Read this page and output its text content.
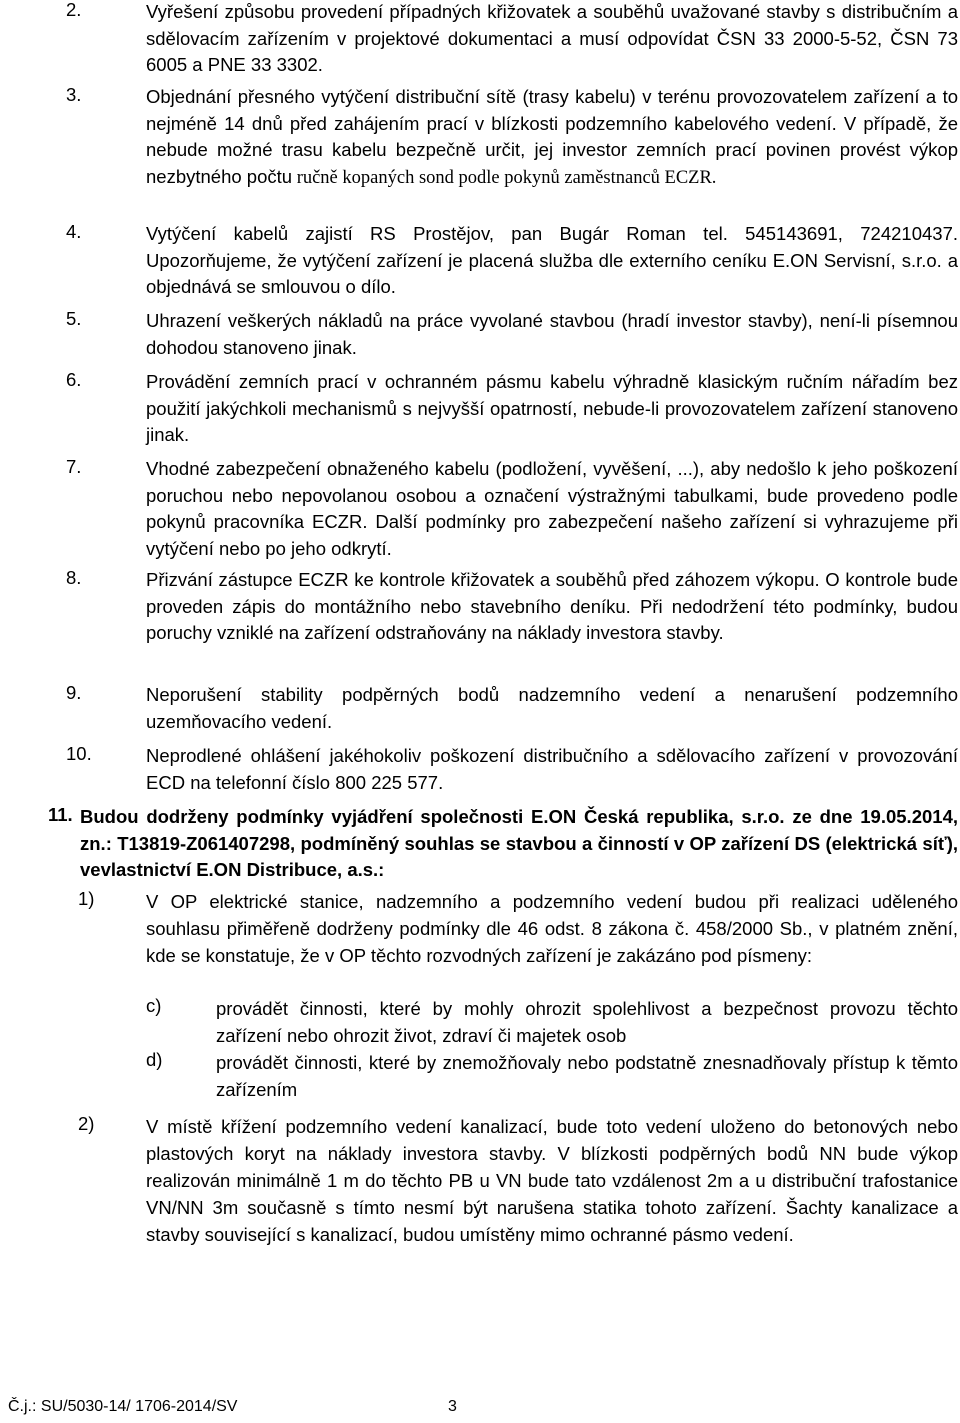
2.	Vyřešení způsobu provedení případných křižovatek a souběhů uvažované stavby s distribučním a sdělovacím zařízením v projektové dokumentaci a musí odpovídat ČSN 33 2000-5-52, ČSN 73 6005 a PNE 33 3302.
3.	Objednání přesného vytýčení distribuční sítě (trasy kabelu) v terénu provozovatelem zařízení a to nejméně 14 dnů před zahájením prací v blízkosti podzemního kabelového vedení. V případě, že nebude možné trasu kabelu bezpečně určit, jej investor zemních prací povinen provést výkop nezbytného počtu ručně kopaných sond podle pokynů zaměstnanců ECZR.
4.	Vytýčení kabelů zajistí RS Prostějov, pan Bugár Roman tel. 545143691, 724210437. Upozorňujeme, že vytýčení zařízení je placená služba dle externího ceníku E.ON Servisní, s.r.o. a objednává se smlouvou o dílo.
5.	Uhrazení veškerých nákladů na práce vyvolané stavbou (hradí investor stavby), není-li písemnou dohodou stanoveno jinak.
6.	Provádění zemních prací v ochranném pásmu kabelu výhradně klasickým ručním nářadím bez použití jakýchkoli mechanismů s nejvyšší opatrností, nebude-li provozovatelem zařízení stanoveno jinak.
7.	Vhodné zabezpečení obnaženého kabelu (podložení, vyvěšení, ...), aby nedošlo k jeho poškození poruchou nebo nepovolanou osobou a označení výstražnými tabulkami, bude provedeno podle pokynů pracovníka ECZR. Další podmínky pro zabezpečení našeho zařízení si vyhrazujeme při vytýčení nebo po jeho odkrytí.
8.	Přizvání zástupce ECZR ke kontrole křižovatek a souběhů před záhozem výkopu. O kontrole bude proveden zápis do montážního nebo stavebního deníku. Při nedodržení této podmínky, budou poruchy vzniklé na zařízení odstraňovány na náklady investora stavby.
9.	Neporušení stability podpěrných bodů nadzemního vedení a nenarušení podzemního uzemňovacího vedení.
10.	Neprodlené ohlášení jakéhokoliv poškození distribučního a sdělovacího zařízení v provozování ECD na telefonní číslo 800 225 577.
11. Budou dodrženy podmínky vyjádření společnosti E.ON Česká republika, s.r.o. ze dne 19.05.2014, zn.: T13819-Z061407298, podmíněný souhlas se stavbou a činností v OP zařízení DS (elektrická síť), vevlastnictví E.ON Distribuce, a.s.:
1)	V OP elektrické stanice, nadzemního a podzemního vedení budou při realizaci uděleného souhlasu přiměřeně dodrženy podmínky dle 46 odst. 8 zákona č. 458/2000 Sb., v platném znění, kde se konstatuje, že v OP těchto rozvodných zařízení je zakázáno pod písmeny:
c)	provádět činnosti, které by mohly ohrozit spolehlivost a bezpečnost provozu těchto zařízení nebo ohrozit život, zdraví či majetek osob
d)	provádět činnosti, které by znemožňovaly nebo podstatně znesnadňovaly přístup k těmto zařízením
2)	V místě křížení podzemního vedení kanalizací, bude toto vedení uloženo do betonových nebo plastových koryt na náklady investora stavby. V blízkosti podpěrných bodů NN bude výkop realizován minimálně 1 m do těchto PB u VN bude tato vzdálenost 2m a u distribuční trafostanice VN/NN 3m současně s tímto nesmí být narušena statika tohoto zařízení. Šachty kanalizace a stavby související s kanalizací, budou umístěny mimo ochranné pásmo vedení.
Č.j.: SU/5030-14/ 1706-2014/SV	3
